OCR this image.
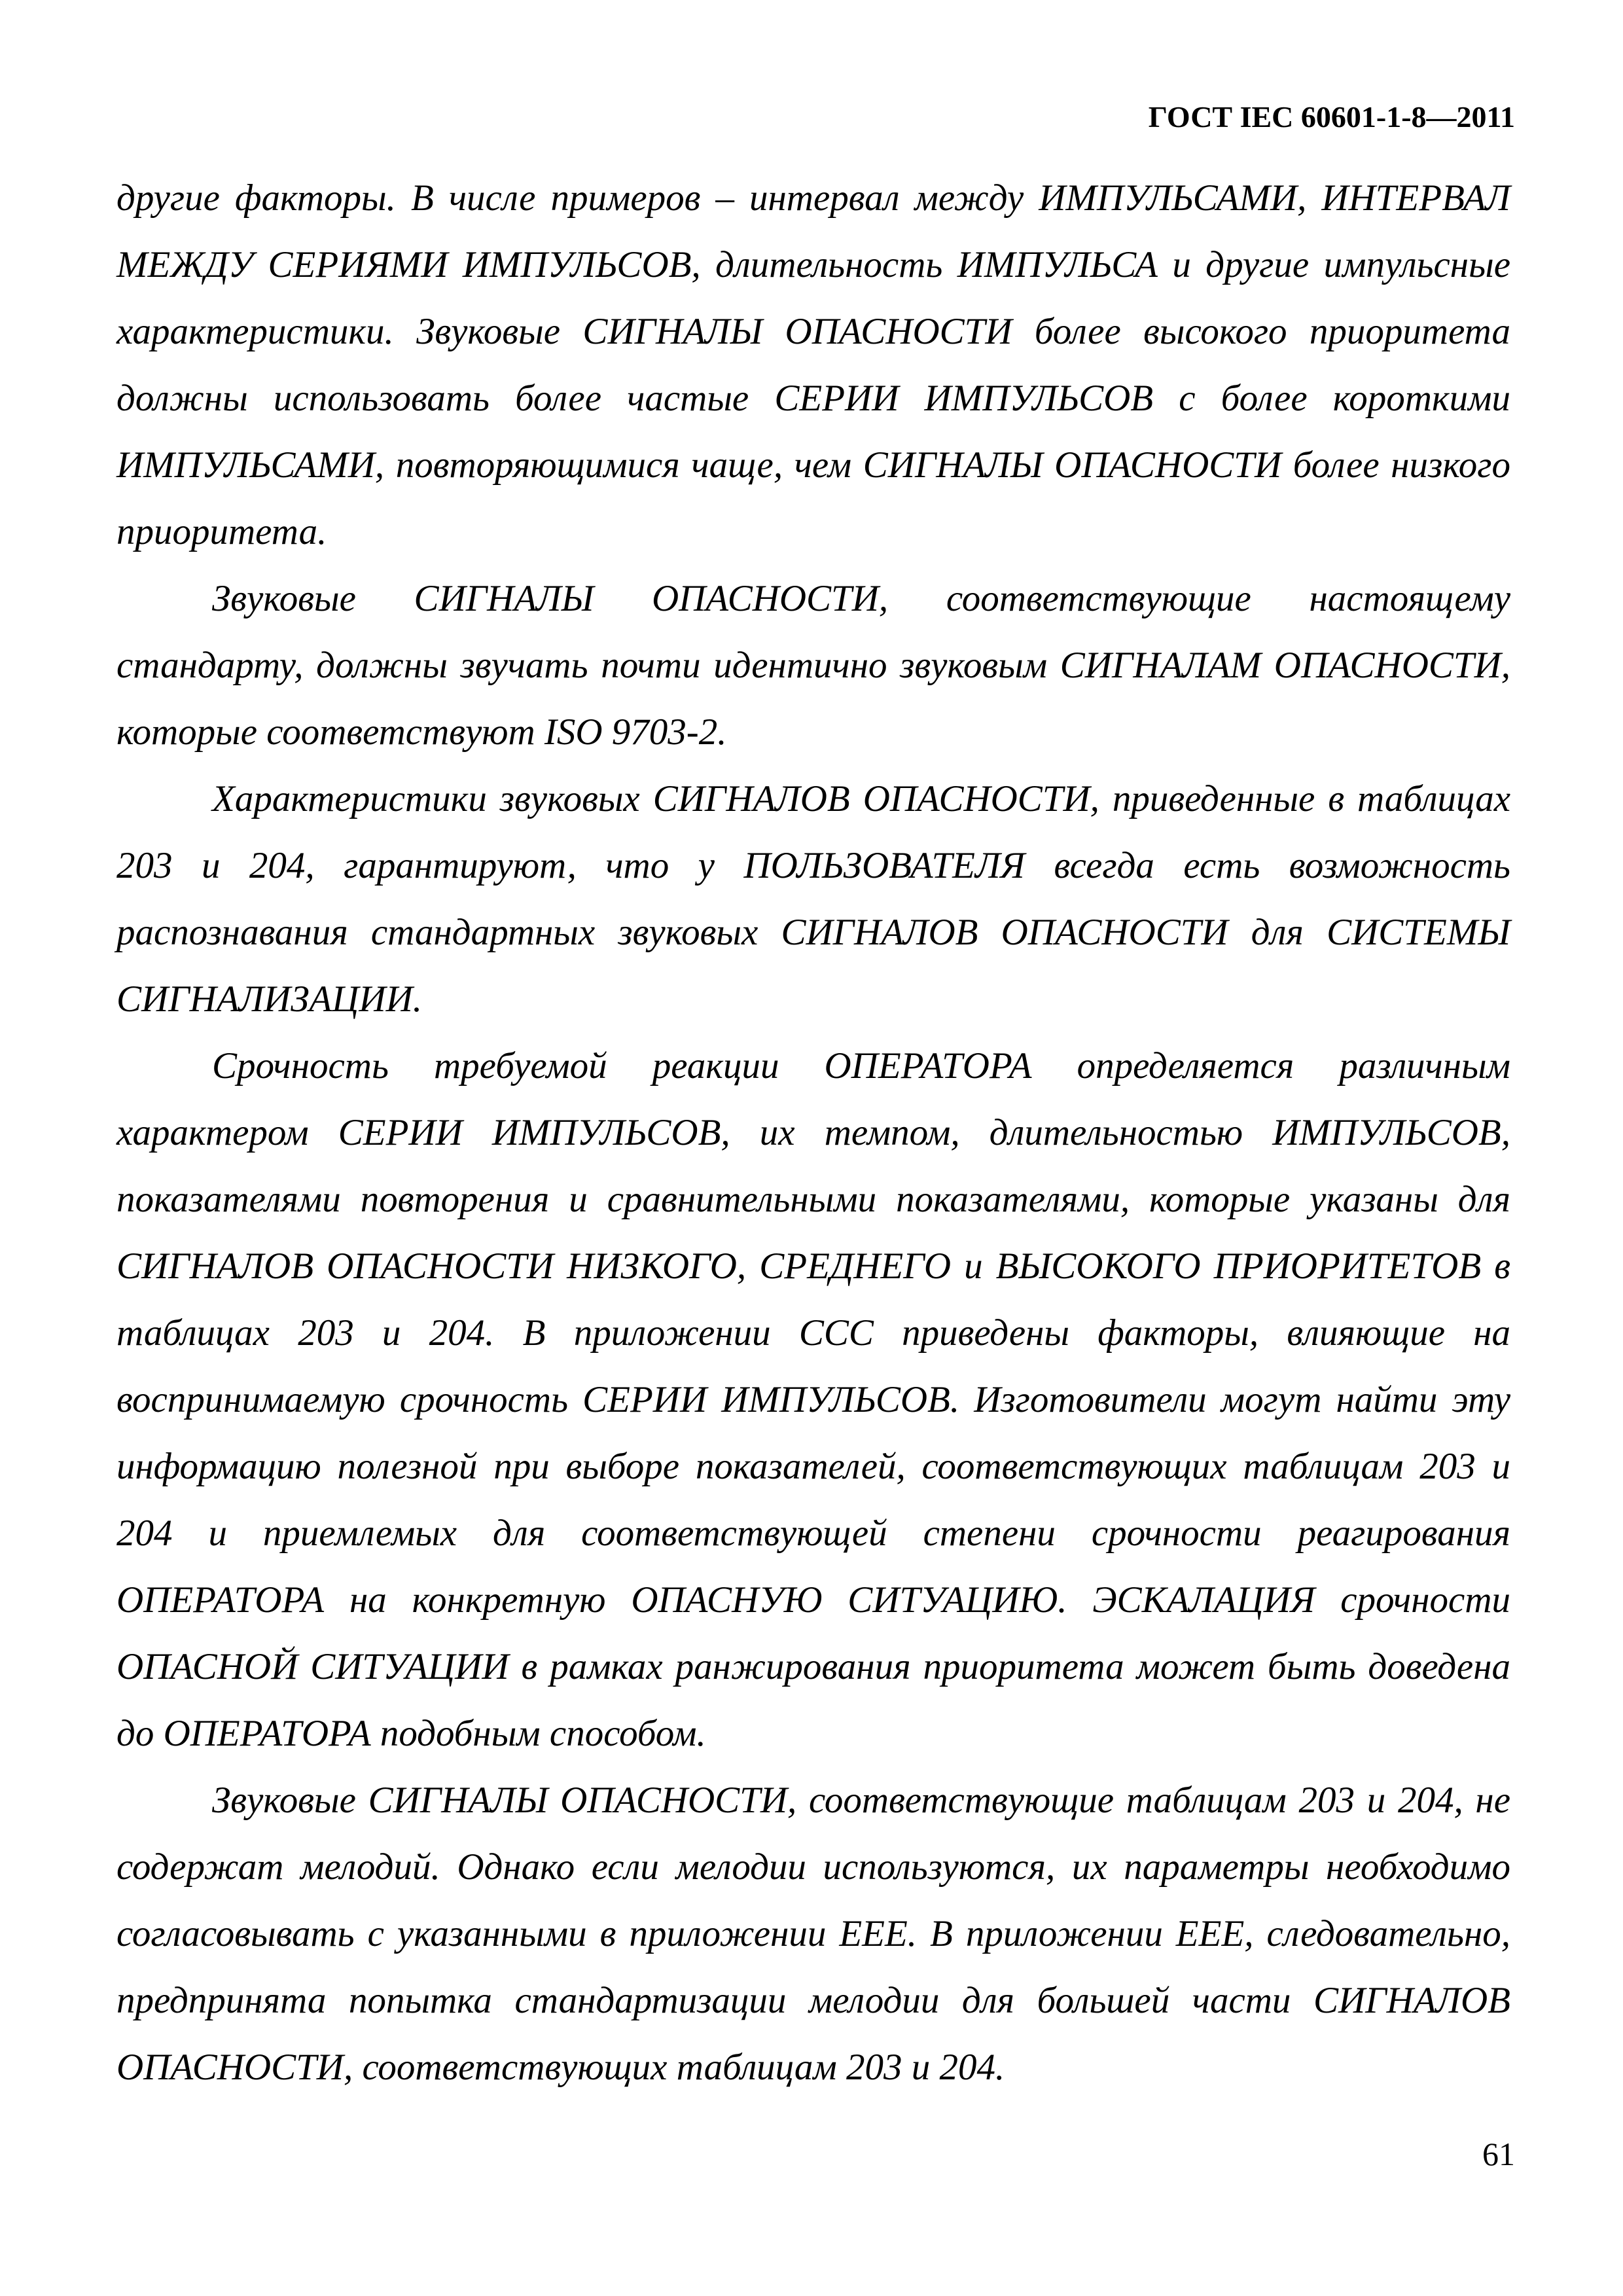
ГОСТ IEC 60601-1-8—2011

другие факторы. В числе примеров – интервал между ИМПУЛЬСАМИ, ИНТЕРВАЛ МЕЖДУ СЕРИЯМИ ИМПУЛЬСОВ, длительность ИМПУЛЬСА и другие импульсные характеристики. Звуковые СИГНАЛЫ ОПАСНОСТИ более высокого приоритета должны использовать более частые СЕРИИ ИМПУЛЬСОВ с более короткими ИМПУЛЬСАМИ, повторяющимися чаще, чем СИГНАЛЫ ОПАСНОСТИ более низкого приоритета.

Звуковые СИГНАЛЫ ОПАСНОСТИ, соответствующие настоящему стандарту, должны звучать почти идентично звуковым СИГНАЛАМ ОПАСНОСТИ, которые соответствуют ISO 9703-2.

Характеристики звуковых СИГНАЛОВ ОПАСНОСТИ, приведенные в таблицах 203 и 204, гарантируют, что у ПОЛЬЗОВАТЕЛЯ всегда есть возможность распознавания стандартных звуковых СИГНАЛОВ ОПАСНОСТИ для СИСТЕМЫ СИГНАЛИЗАЦИИ.

Срочность требуемой реакции ОПЕРАТОРА определяется различным характером СЕРИИ ИМПУЛЬСОВ, их темпом, длительностью ИМПУЛЬСОВ, показателями повторения и сравнительными показателями, которые указаны для СИГНАЛОВ ОПАСНОСТИ НИЗКОГО, СРЕДНЕГО и ВЫСОКОГО ПРИОРИТЕТОВ в таблицах 203 и 204. В приложении ССС приведены факторы, влияющие на воспринимаемую срочность СЕРИИ ИМПУЛЬСОВ. Изготовители могут найти эту информацию полезной при выборе показателей, соответствующих таблицам 203 и 204 и приемлемых для соответствующей степени срочности реагирования ОПЕРАТОРА на конкретную ОПАСНУЮ СИТУАЦИЮ. ЭСКАЛАЦИЯ срочности ОПАСНОЙ СИТУАЦИИ в рамках ранжирования приоритета может быть доведена до ОПЕРАТОРА подобным способом.

Звуковые СИГНАЛЫ ОПАСНОСТИ, соответствующие таблицам 203 и 204, не содержат мелодий. Однако если мелодии используются, их параметры необходимо согласовывать с указанными в приложении ЕЕЕ. В приложении ЕЕЕ, следовательно, предпринята попытка стандартизации мелодии для большей части СИГНАЛОВ ОПАСНОСТИ, соответствующих таблицам 203 и 204.

61
